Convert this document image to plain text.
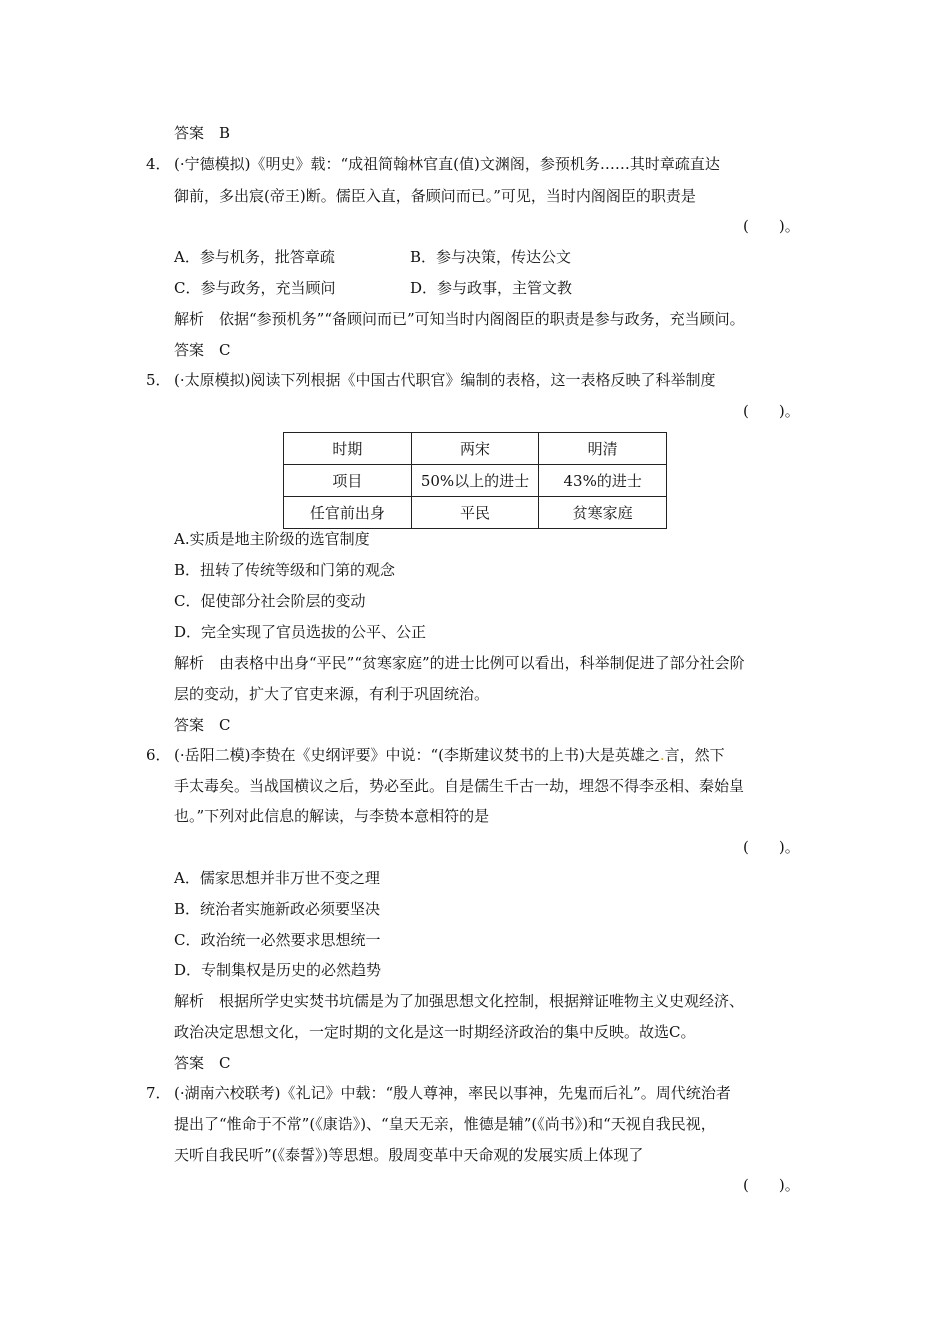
答案　B
4． (·宁德模拟)《明史》载：“成祖简翰林官直(值)文渊阁，参预机务……其时章疏直达
御前，多出宸(帝王)断。儒臣入直，备顾问而已。”可见，当时内阁阁臣的职责是
(　　)。
A．参与机务，批答章疏	B．参与决策，传达公文
C．参与政务，充当顾问	D．参与政事，主管文教
解析　依据“参预机务”“备顾问而已”可知当时内阁阁臣的职责是参与政务，充当顾问。
答案　C
5． (·太原模拟)阅读下列根据《中国古代职官》编制的表格，这一表格反映了科举制度
(　　)。
时期	两宋	明清
项目	50%以上的进士	43%的进士
任官前出身	平民	贫寒家庭
A.实质是地主阶级的选官制度
B．扭转了传统等级和门第的观念
C．促使部分社会阶层的变动
D．完全实现了官员选拔的公平、公正
解析　由表格中出身“平民”“贫寒家庭”的进士比例可以看出，科举制促进了部分社会阶
层的变动，扩大了官吏来源，有利于巩固统治。
答案　C
6． (·岳阳二模)李贽在《史纲评要》中说：“(李斯建议焚书的上书)大是英雄之.言，然下
手太毒矣。当战国横议之后，势必至此。自是儒生千古一劫，埋怨不得李丞相、秦始皇
也。”下列对此信息的解读，与李贽本意相符的是
(　　)。
A．儒家思想并非万世不变之理
B．统治者实施新政必须要坚决
C．政治统一必然要求思想统一
D．专制集权是历史的必然趋势
解析　根据所学史实焚书坑儒是为了加强思想文化控制，根据辩证唯物主义史观经济、
政治决定思想文化，一定时期的文化是这一时期经济政治的集中反映。故选C。
答案　C
7． (·湖南六校联考)《礼记》中载：“殷人尊神，率民以事神，先鬼而后礼”。周代统治者
提出了“惟命于不常”(《康诰》)、“皇天无亲，惟德是辅”(《尚书》)和“天视自我民视，
天听自我民听”(《泰誓》)等思想。殷周变革中天命观的发展实质上体现了
(　　)。
